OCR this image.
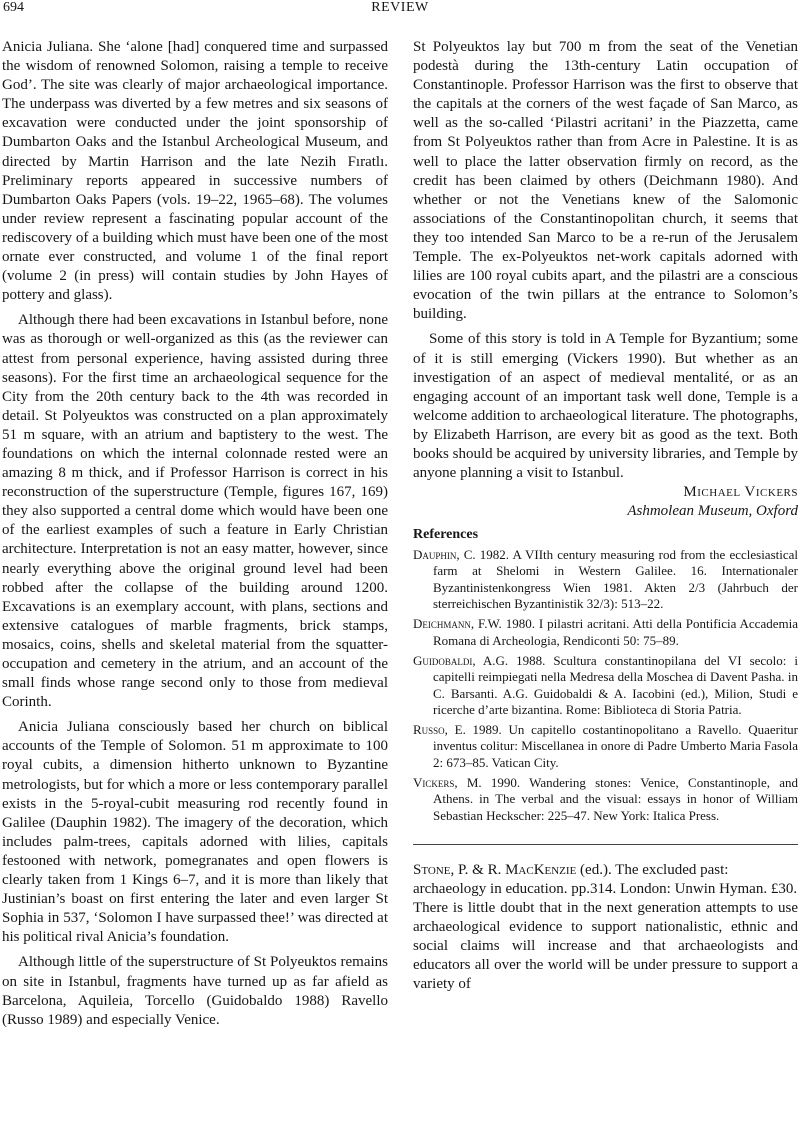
694	REVIEW

Anicia Juliana. She ‘alone [had] conquered time and surpassed the wisdom of renowned Solomon, raising a temple to receive God’. The site was clearly of major archaeological importance. The underpass was diverted by a few metres and six seasons of excavation were conducted under the joint sponsorship of Dumbarton Oaks and the Istanbul Archeological Museum, and directed by Martin Harrison and the late Nezih Fıratlı. Preliminary reports appeared in successive numbers of Dumbarton Oaks Papers (vols. 19–22, 1965–68). The volumes under review represent a fascinating popular account of the rediscovery of a building which must have been one of the most ornate ever constructed, and volume 1 of the final report (volume 2 (in press) will contain studies by John Hayes of pottery and glass).

Although there had been excavations in Istanbul before, none was as thorough or well-organized as this (as the reviewer can attest from personal experience, having assisted during three seasons). For the first time an archaeological sequence for the City from the 20th century back to the 4th was recorded in detail. St Polyeuktos was constructed on a plan approximately 51 m square, with an atrium and baptistery to the west. The foundations on which the internal colonnade rested were an amazing 8 m thick, and if Professor Harrison is correct in his reconstruction of the superstructure (Temple, figures 167, 169) they also supported a central dome which would have been one of the earliest examples of such a feature in Early Christian architecture. Interpretation is not an easy matter, however, since nearly everything above the original ground level had been robbed after the collapse of the building around 1200. Excavations is an exemplary account, with plans, sections and extensive catalogues of marble fragments, brick stamps, mosaics, coins, shells and skeletal material from the squatter-occupation and cemetery in the atrium, and an account of the small finds whose range second only to those from medieval Corinth.

Anicia Juliana consciously based her church on biblical accounts of the Temple of Solomon. 51 m approximate to 100 royal cubits, a dimension hitherto unknown to Byzantine metrologists, but for which a more or less contemporary parallel exists in the 5-royal-cubit measuring rod recently found in Galilee (Dauphin 1982). The imagery of the decoration, which includes palm-trees, capitals adorned with lilies, capitals festooned with network, pomegranates and open flowers is clearly taken from 1 Kings 6–7, and it is more than likely that Justinian’s boast on first entering the later and even larger St Sophia in 537, ‘Solomon I have surpassed thee!’ was directed at his political rival Anicia’s foundation.

Although little of the superstructure of St Polyeuktos remains on site in Istanbul, fragments have turned up as far afield as Barcelona, Aquileia, Torcello (Guidobaldo 1988) Ravello (Russo 1989) and especially Venice.

St Polyeuktos lay but 700 m from the seat of the Venetian podestà during the 13th-century Latin occupation of Constantinople. Professor Harrison was the first to observe that the capitals at the corners of the west façade of San Marco, as well as the so-called ‘Pilastri acritani’ in the Piazzetta, came from St Polyeuktos rather than from Acre in Palestine. It is as well to place the latter observation firmly on record, as the credit has been claimed by others (Deichmann 1980). And whether or not the Venetians knew of the Salomonic associations of the Constantinopolitan church, it seems that they too intended San Marco to be a re-run of the Jerusalem Temple. The ex-Polyeuktos net-work capitals adorned with lilies are 100 royal cubits apart, and the pilastri are a conscious evocation of the twin pillars at the entrance to Solomon’s building.

Some of this story is told in A Temple for Byzantium; some of it is still emerging (Vickers 1990). But whether as an investigation of an aspect of medieval mentalité, or as an engaging account of an important task well done, Temple is a welcome addition to archaeological literature. The photographs, by Elizabeth Harrison, are every bit as good as the text. Both books should be acquired by university libraries, and Temple by anyone planning a visit to Istanbul.

Michael Vickers
Ashmolean Museum, Oxford
References
Dauphin, C. 1982. A VIIth century measuring rod from the ecclesiastical farm at Shelomi in Western Galilee. 16. Internationaler Byzantinistenkongress Wien 1981. Akten 2/3 (Jahrbuch der sterreichischen Byzantinistik 32/3): 513–22.
Deichmann, F.W. 1980. I pilastri acritani. Atti della Pontificia Accademia Romana di Archeologia, Rendiconti 50: 75–89.
Guidobaldi, A.G. 1988. Scultura constantinopilana del VI secolo: i capitelli reimpiegati nella Medresa della Moschea di Davent Pasha. in C. Barsanti. A.G. Guidobaldi & A. Iacobini (ed.), Milion, Studi e ricerche d’arte bizantina. Rome: Biblioteca di Storia Patria.
Russo, E. 1989. Un capitello costantinopolitano a Ravello. Quaeritur inventus colitur: Miscellanea in onore di Padre Umberto Maria Fasola 2: 673–85. Vatican City.
Vickers, M. 1990. Wandering stones: Venice, Constantinople, and Athens. in The verbal and the visual: essays in honor of William Sebastian Heckscher: 225–47. New York: Italica Press.
Stone, P. & R. MacKenzie (ed.). The excluded past: archaeology in education. pp.314. London: Unwin Hyman. £30.

There is little doubt that in the next generation attempts to use archaeological evidence to support nationalistic, ethnic and social claims will increase and that archaeologists and educators all over the world will be under pressure to support a variety of
